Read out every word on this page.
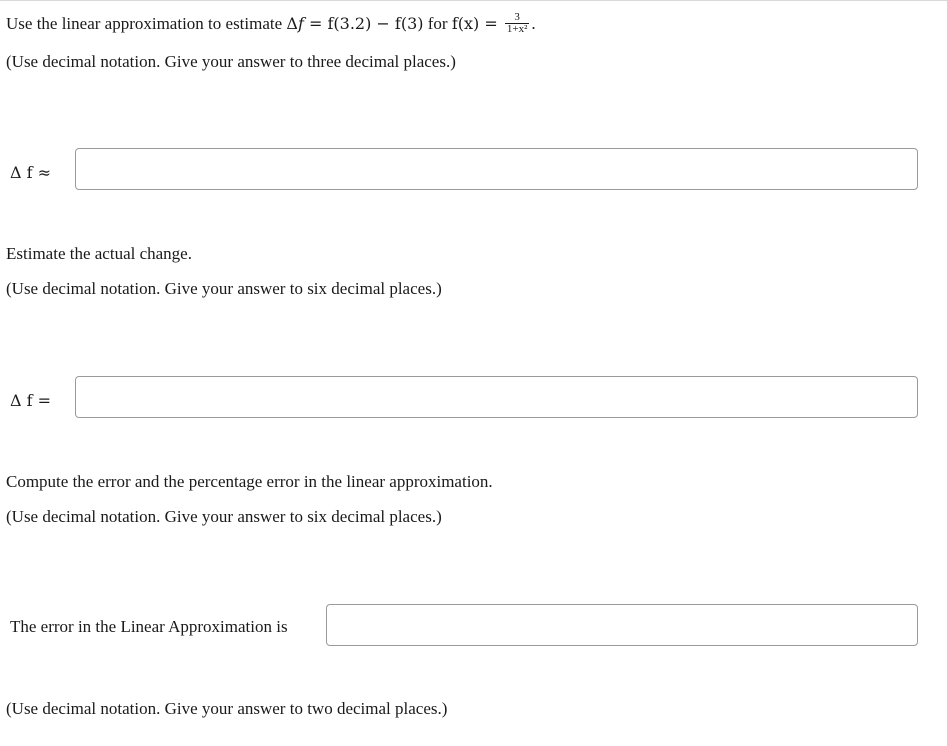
Use the linear approximation to estimate Δf = f(3.2) − f(3) for $f(x) = \frac{3}{\text{1+x²}}$ .
(Use decimal notation. Give your answer to three decimal places.)
Δ f ≈
Estimate the actual change.
(Use decimal notation. Give your answer to six decimal places.)
Δ f =
Compute the error and the percentage error in the linear approximation.
(Use decimal notation. Give your answer to six decimal places.)
The error in the Linear Approximation is
(Use decimal notation. Give your answer to two decimal places.)
